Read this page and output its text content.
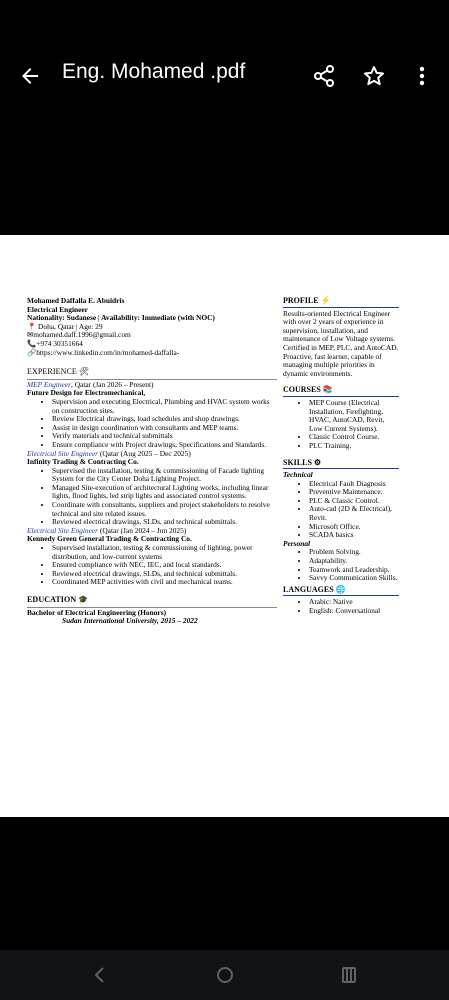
Eng. Mohamed .pdf
Mohamed Daffalla E. Abuidris
Electrical Engineer
Nationality: Sudanese | Availability: Immediate (with NOC)
📍 Doha, Qatar | Age: 29
✉mohamed.daff.1996@gmail.com
📞+974 30351664
🔗https://www.linkedin.com/in/mohamed-daffalla-
EXPERIENCE 🛠
MEP Engineer, Qatar (Jan 2026 – Present)
Future Design for Electromechanical,
• Supervision and executing Electrical, Plumbing and HVAC system works on construction sites.
• Review Electrical drawings, load schedules and shop drawings.
• Assist in design coordination with consultants and MEP teams.
• Verify materials and technical submittals
• Ensure compliance with Project drawings, Specifications and Standards.
Electrical Site Engineer (Qatar (Aug 2025 – Dec 2025)
Infinity Trading & Contracting Co.
• Supervised the installation, testing & commissioning of Facade lighting System for the City Center Doha Lighting Project.
• Managed Site-execution of architectural Lighting works, including linear lights, flood lights, led strip lights and associated control systems.
• Coordinate with consultants, suppliers and project stakeholders to resolve technical and site related issues.
• Reviewed electrical drawings, SLDs, and technical submittals.
Electrical Site Engineer (Qatar (Jan 2024 – Jun 2025)
Kennedy Green General Trading & Contracting Co.
• Supervised installation, testing & commissioning of lighting, power distribution, and low-current systems
• Ensured compliance with NEC, IEC, and local standards.
• Reviewed electrical drawings, SLDs, and technical submittals.
• Coordinated MEP activities with civil and mechanical teams.
EDUCATION 🎓
Bachelor of Electrical Engineering (Honors)
Sudan International University, 2015 – 2022
PROFILE ⚡
Results-oriented Electrical Engineer with over 2 years of experience in supervision, installation, and maintenance of Low Voltage systems. Certified in MEP, PLC, and AutoCAD. Proactive, fast learner, capable of managing multiple priorities in dynamic environments.
COURSES 📚
• MEP Course (Electrical Installation, Firefighting, HVAC, AutoCAD, Revit, Low Current Systems).
• Classic Control Course.
• PLC Training.
SKILLS ⚙
Technical
• Electrical Fault Diagnosis
• Preventive Maintenance.
• PLC & Classic Control.
• Auto-cad (2D & Electrical), Revit.
• Microsoft Office.
• SCADA basics
Personal
• Problem Solving.
• Adaptability.
• Teamwork and Leadership.
• Savvy Communication Skills.
LANGUAGES 🌐
• Arabic: Native
• English: Conversational
